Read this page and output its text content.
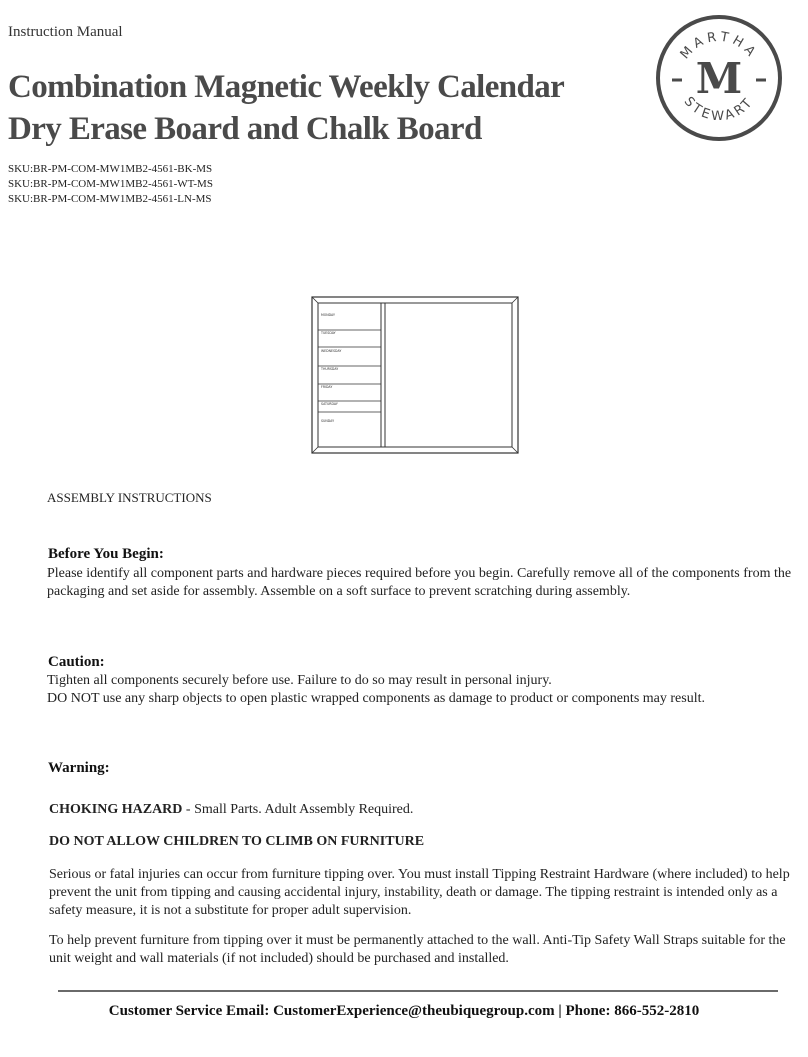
Instruction Manual
Combination Magnetic Weekly Calendar
Dry Erase Board and Chalk Board
SKU:BR-PM-COM-MW1MB2-4561-BK-MS
SKU:BR-PM-COM-MW1MB2-4561-WT-MS
SKU:BR-PM-COM-MW1MB2-4561-LN-MS
MARTHA
STEWART
M
MONDAY
TUESDAY
WEDNESDAY
THURSDAY
FRIDAY
SATURDAY
SUNDAY
ASSEMBLY INSTRUCTIONS
Before You Begin:
Please identify all component parts and hardware pieces required before you begin. Carefully remove all of the components from the packaging and set aside for assembly. Assemble on a soft surface to prevent scratching during assembly.
Caution:
Tighten all components securely before use. Failure to do so may result in personal injury.
DO NOT use any sharp objects to open plastic wrapped components as damage to product or components may result.
Warning:
CHOKING HAZARD - Small Parts. Adult Assembly Required.
DO NOT ALLOW CHILDREN TO CLIMB ON FURNITURE
Serious or fatal injuries can occur from furniture tipping over. You must install Tipping Restraint Hardware (where included) to help prevent the unit from tipping and causing accidental injury, instability, death or damage. The tipping restraint is intended only as a safety measure, it is not a substitute for proper adult supervision.
To help prevent furniture from tipping over it must be permanently attached to the wall. Anti-Tip Safety Wall Straps suitable for the unit weight and wall materials (if not included) should be purchased and installed.
Customer Service Email: CustomerExperience@theubiquegroup.com | Phone: 866-552-2810
